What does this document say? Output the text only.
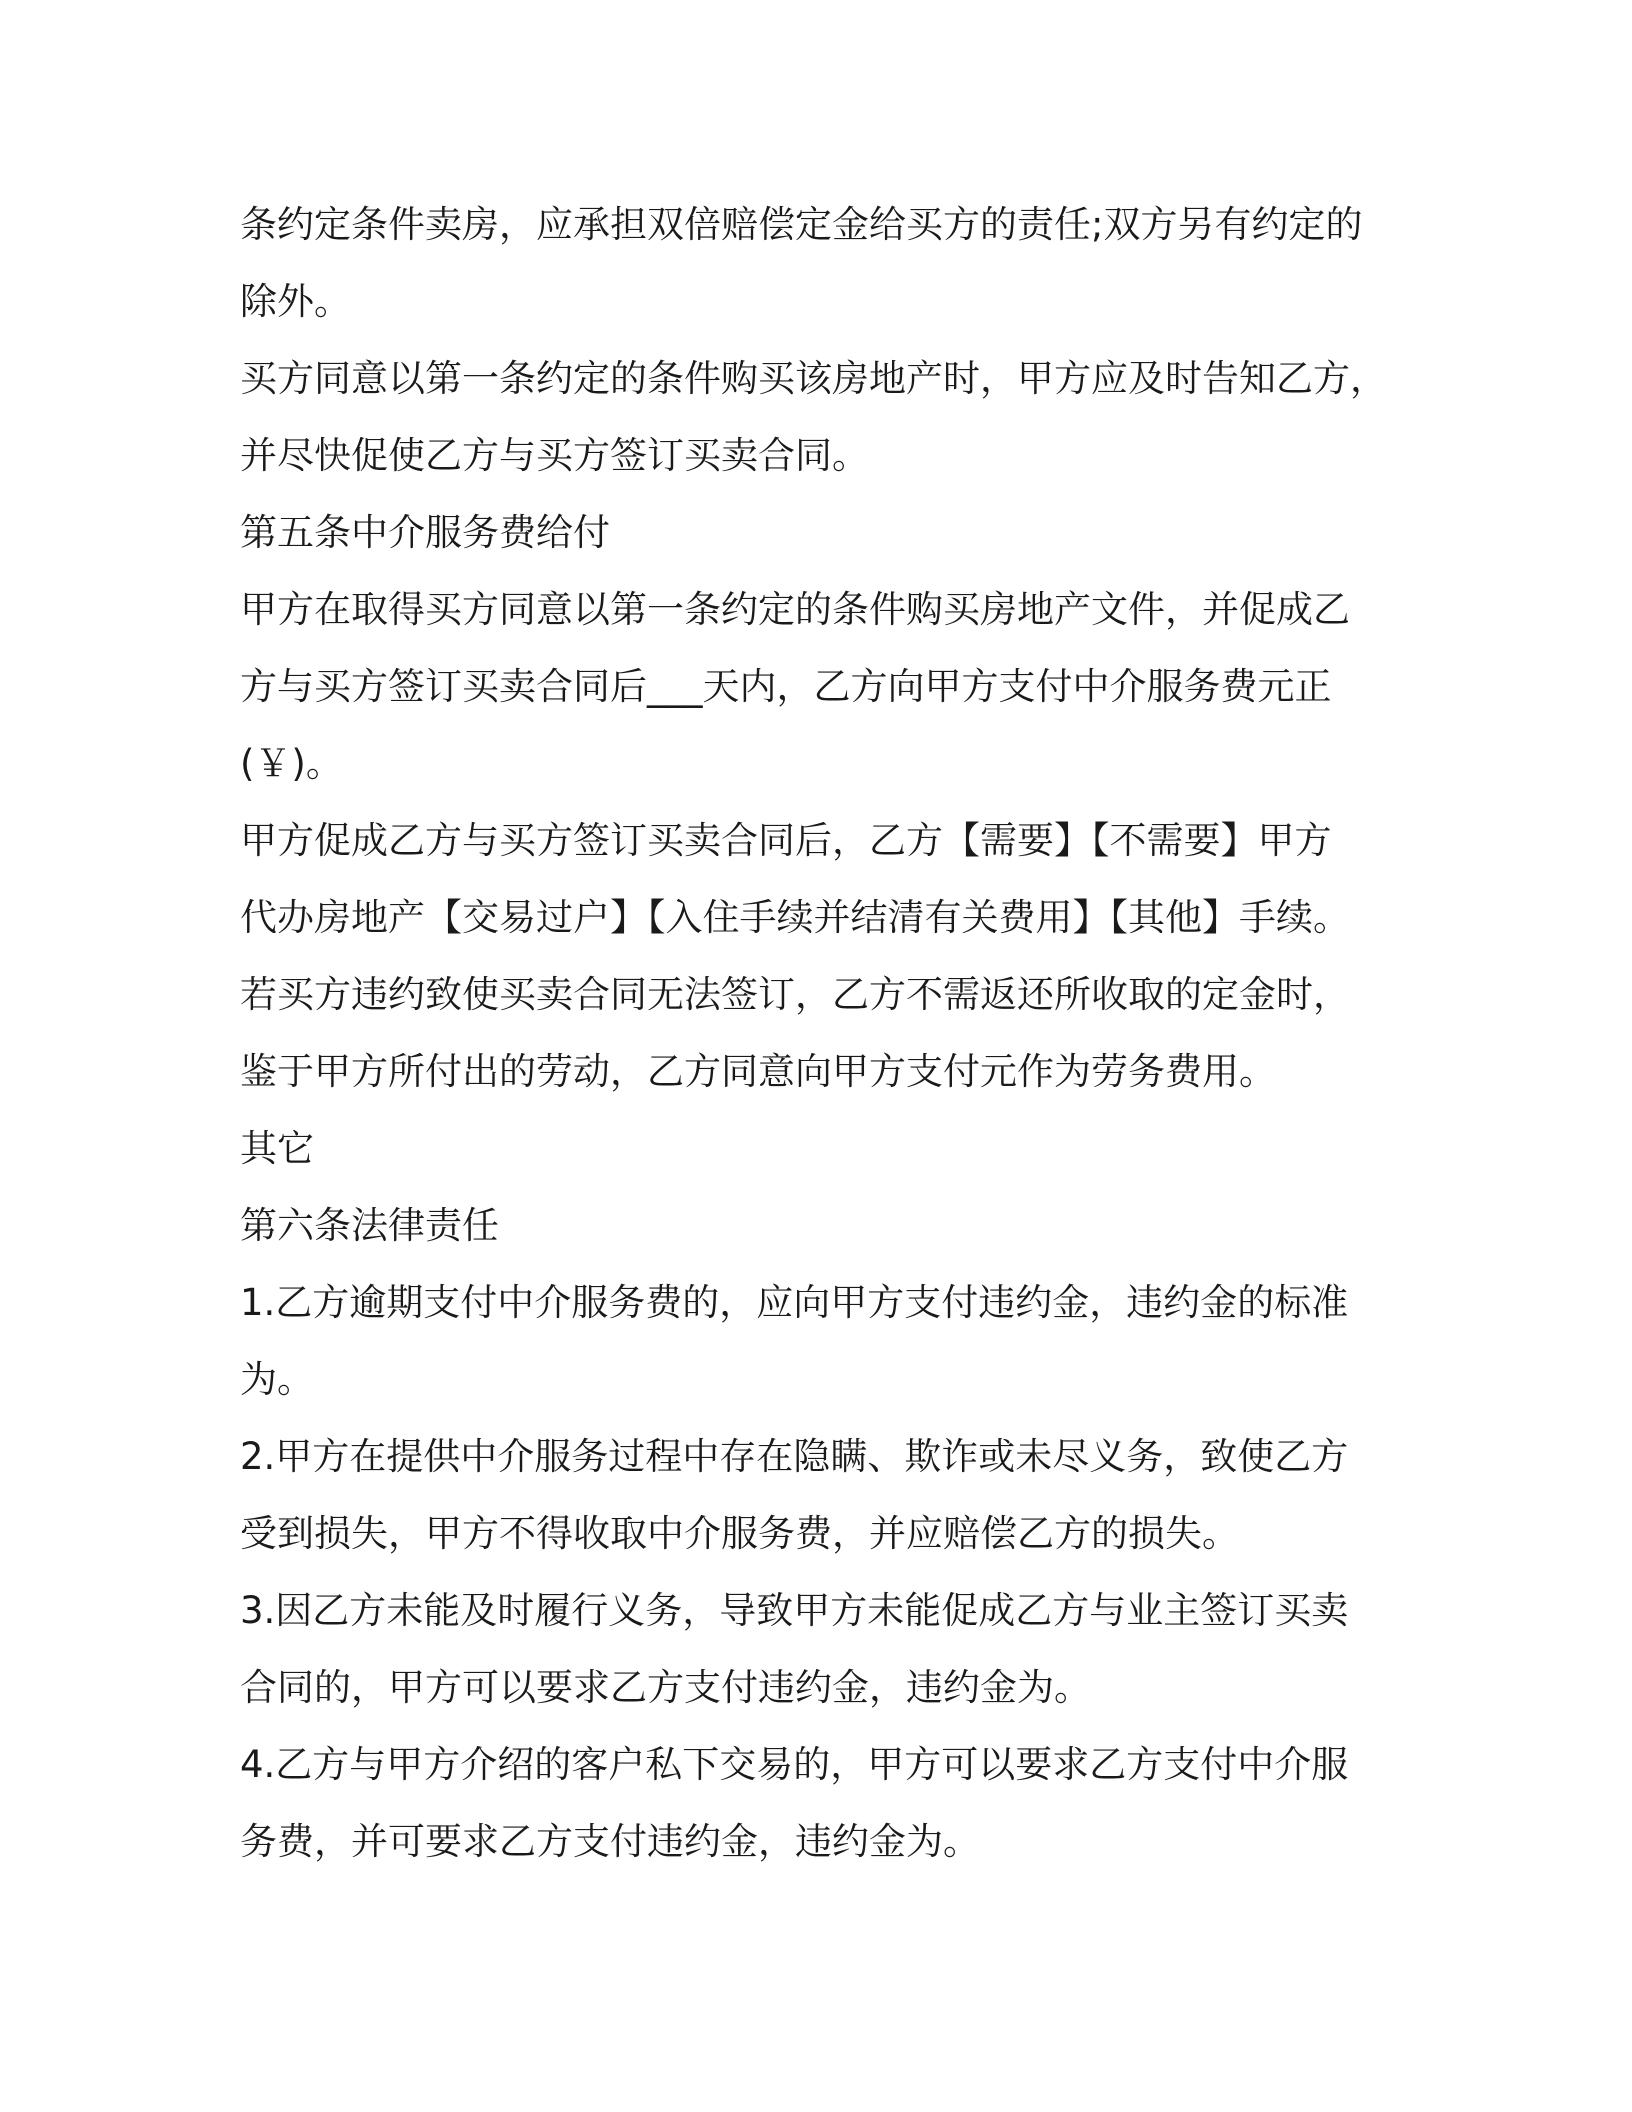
条约定条件卖房，应承担双倍赔偿定金给买方的责任;双方另有约定的
除外。
买方同意以第一条约定的条件购买该房地产时，甲方应及时告知乙方，
并尽快促使乙方与买方签订买卖合同。
第五条中介服务费给付
甲方在取得买方同意以第一条约定的条件购买房地产文件，并促成乙
方与买方签订买卖合同后___天内，乙方向甲方支付中介服务费元正
(￥)。
甲方促成乙方与买方签订买卖合同后，乙方【需要】【不需要】甲方
代办房地产【交易过户】【入住手续并结清有关费用】【其他】手续。
若买方违约致使买卖合同无法签订，乙方不需返还所收取的定金时，
鉴于甲方所付出的劳动，乙方同意向甲方支付元作为劳务费用。
其它
第六条法律责任
1.乙方逾期支付中介服务费的，应向甲方支付违约金，违约金的标准
为。
2.甲方在提供中介服务过程中存在隐瞒、欺诈或未尽义务，致使乙方
受到损失，甲方不得收取中介服务费，并应赔偿乙方的损失。
3.因乙方未能及时履行义务，导致甲方未能促成乙方与业主签订买卖
合同的，甲方可以要求乙方支付违约金，违约金为。
4.乙方与甲方介绍的客户私下交易的，甲方可以要求乙方支付中介服
务费，并可要求乙方支付违约金，违约金为。
